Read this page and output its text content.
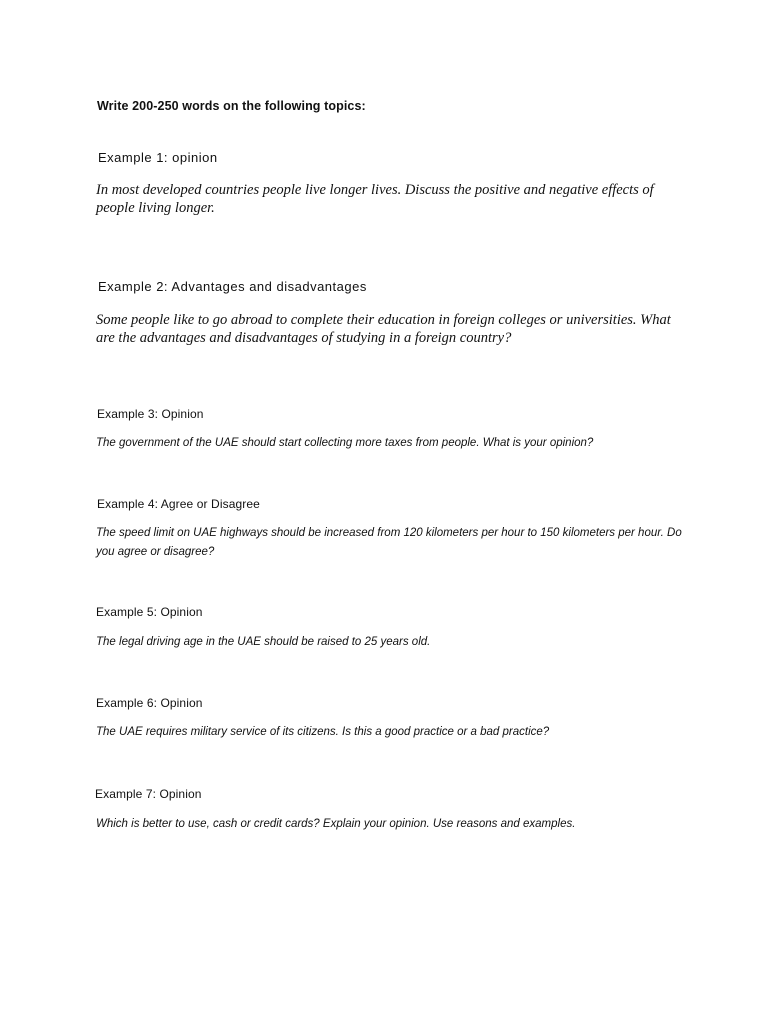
Write 200-250 words on the following topics:

Example 1: opinion

In most developed countries people live longer lives. Discuss the positive and negative effects of people living longer.

Example 2: Advantages and disadvantages

Some people like to go abroad to complete their education in foreign colleges or universities. What are the advantages and disadvantages of studying in a foreign country?

Example 3: Opinion

The government of the UAE should start collecting more taxes from people. What is your opinion?

Example 4: Agree or Disagree

The speed limit on UAE highways should be increased from 120 kilometers per hour to 150 kilometers per hour. Do you agree or disagree?

Example 5: Opinion

The legal driving age in the UAE should be raised to 25 years old.

Example 6: Opinion

The UAE requires military service of its citizens. Is this a good practice or a bad practice?

Example 7: Opinion

Which is better to use, cash or credit cards? Explain your opinion. Use reasons and examples.
